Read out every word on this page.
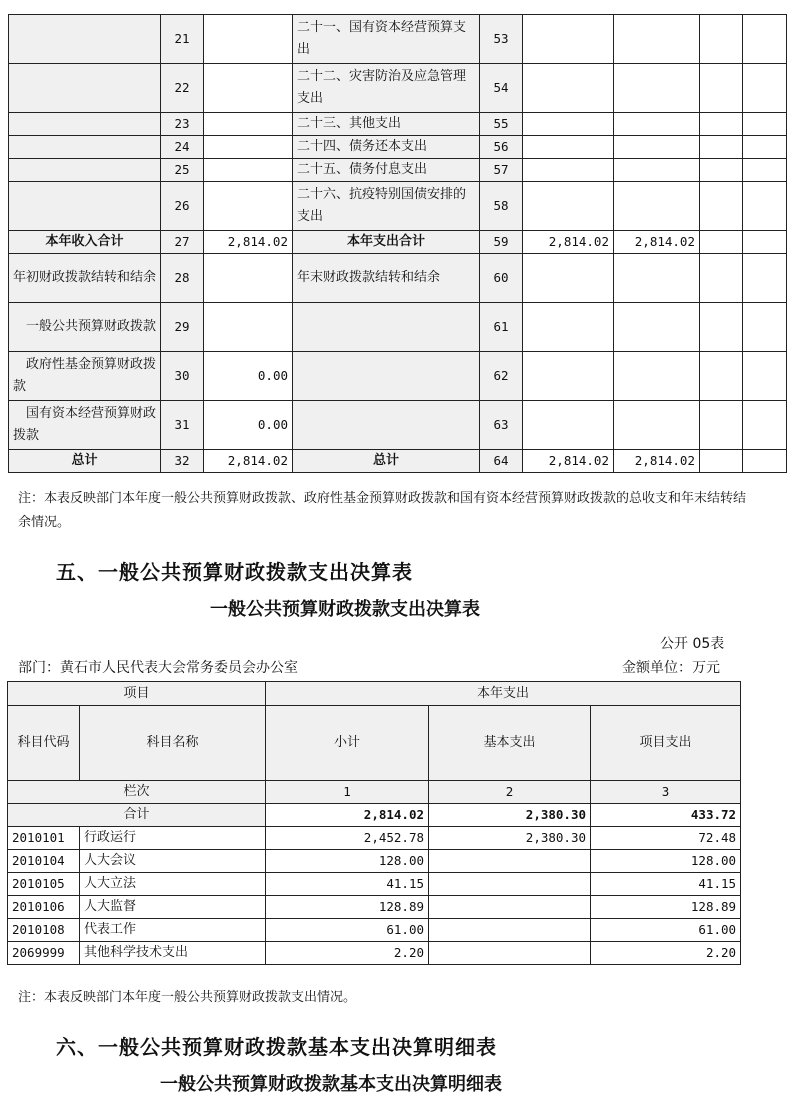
	21		二十一、国有资本经营预算支出	53				
	22		二十二、灾害防治及应急管理支出	54				
	23		二十三、其他支出	55				
	24		二十四、债务还本支出	56				
	25		二十五、债务付息支出	57				
	26		二十六、抗疫特别国债安排的支出	58				
本年收入合计	27	2,814.02	本年支出合计	59	2,814.02	2,814.02		
年初财政拨款结转和结余	28		年末财政拨款结转和结余	60				
　一般公共预算财政拨款	29			61				
　政府性基金预算财政拨款	30	0.00		62				
　国有资本经营预算财政拨款	31	0.00		63				
总计	32	2,814.02	总计	64	2,814.02	2,814.02		
注：本表反映部门本年度一般公共预算财政拨款、政府性基金预算财政拨款和国有资本经营预算财政拨款的总收支和年末结转结余情况。
五、一般公共预算财政拨款支出决算表
一般公共预算财政拨款支出决算表
公开 05表
部门：黄石市人民代表大会常务委员会办公室	金额单位：万元
项目		本年支出		
科目代码	科目名称	小计	基本支出	项目支出
栏次		1	2	3
合计		2,814.02	2,380.30	433.72
2010101	行政运行	2,452.78	2,380.30	72.48
2010104	人大会议	128.00		128.00
2010105	人大立法	41.15		41.15
2010106	人大监督	128.89		128.89
2010108	代表工作	61.00		61.00
2069999	其他科学技术支出	2.20		2.20
注：本表反映部门本年度一般公共预算财政拨款支出情况。
六、一般公共预算财政拨款基本支出决算明细表
一般公共预算财政拨款基本支出决算明细表
